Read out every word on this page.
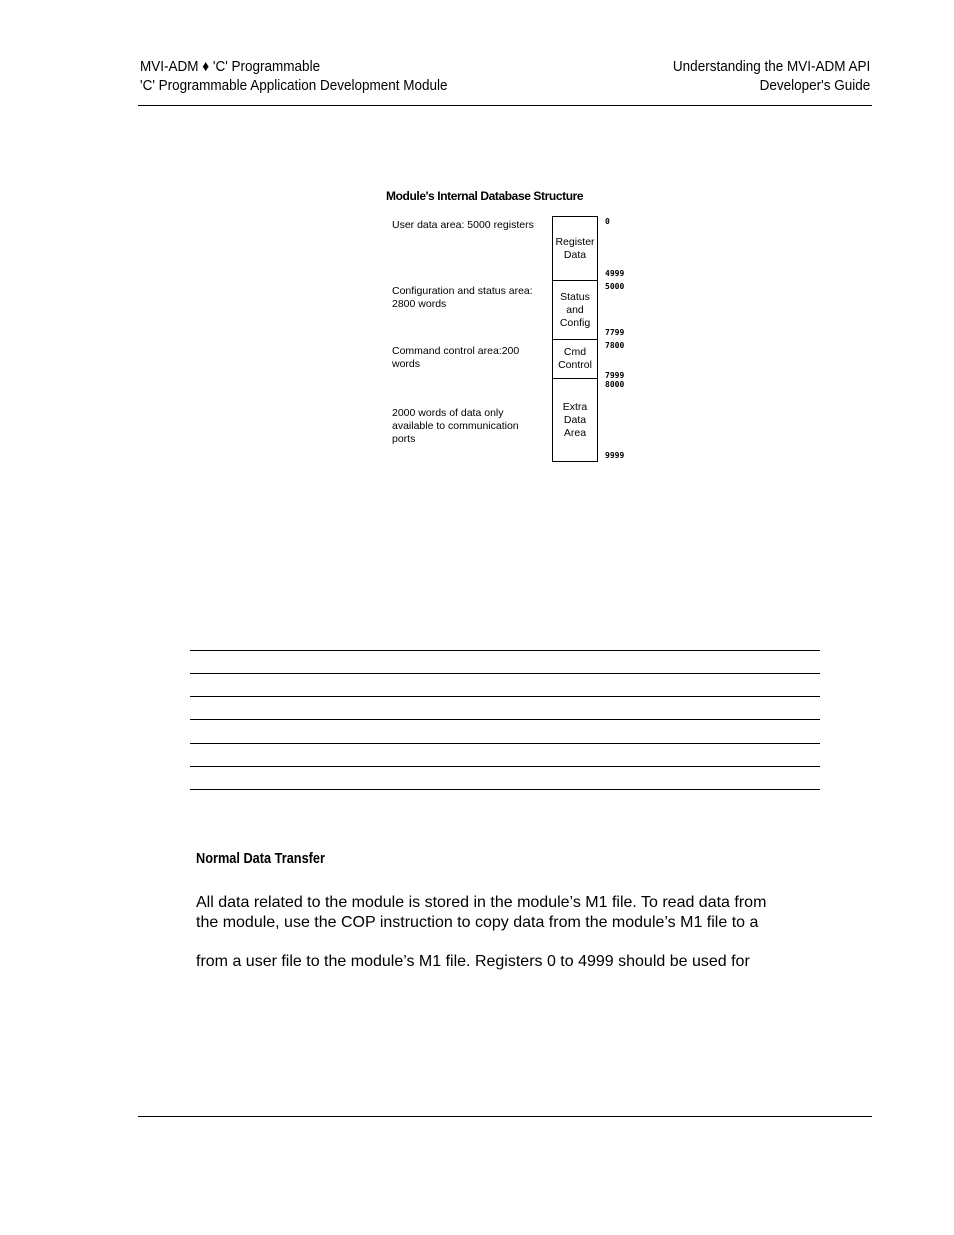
MVI-ADM ♦ 'C' Programmable
'C' Programmable Application Development Module
Understanding the MVI-ADM API
Developer's Guide
Module's Internal Database Structure
User data area: 5000 registers
Configuration and status area: 2800 words
Command control area:200 words
2000 words of data only available to communication ports
Register Data
Status and Config
Cmd Control
Extra Data Area
0
4999
5000
7799
7800
7999
8000
9999
Normal Data Transfer
All data related to the module is stored in the module’s M1 file. To read data from
the module, use the COP instruction to copy data from the module’s M1 file to a
from a user file to the module’s M1 file. Registers 0 to 4999 should be used for
